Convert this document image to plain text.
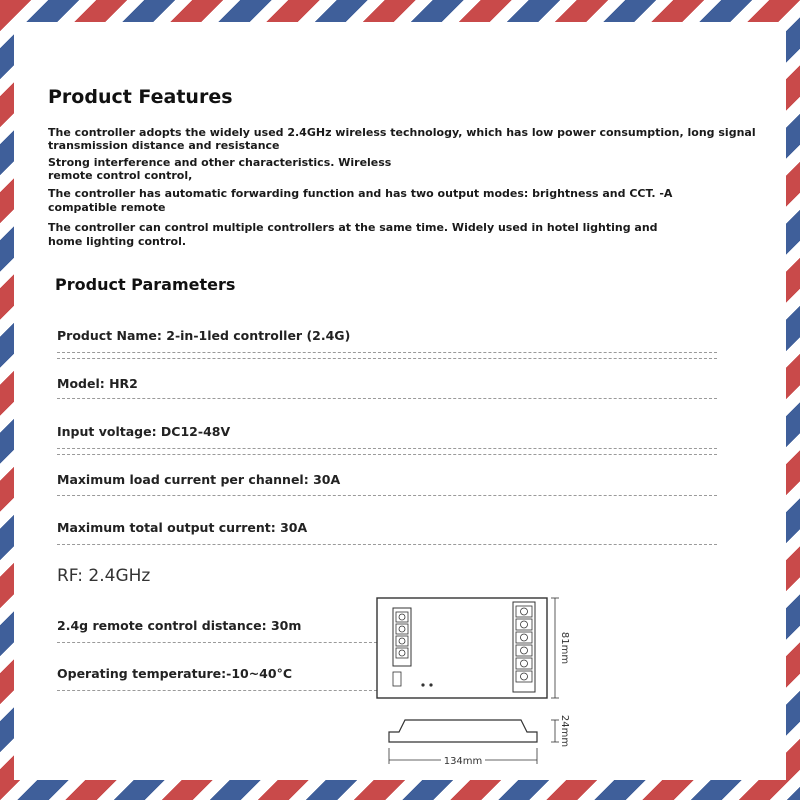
Product Features
The controller adopts the widely used 2.4GHz wireless technology, which has low power consumption, long signal
transmission distance and resistance
Strong interference and other characteristics. Wireless
remote control control,
The controller has automatic forwarding function and has two output modes: brightness and CCT. -A
compatible remote
The controller can control multiple controllers at the same time. Widely used in hotel lighting and
home lighting control.
Product Parameters
Product Name: 2-in-1led controller (2.4G)
Model: HR2
Input voltage: DC12-48V
Maximum load current per channel: 30A
Maximum total output current: 30A
RF: 2.4GHz
2.4g remote control distance: 30m
Operating temperature:-10~40°C
81mm
24mm
134mm
